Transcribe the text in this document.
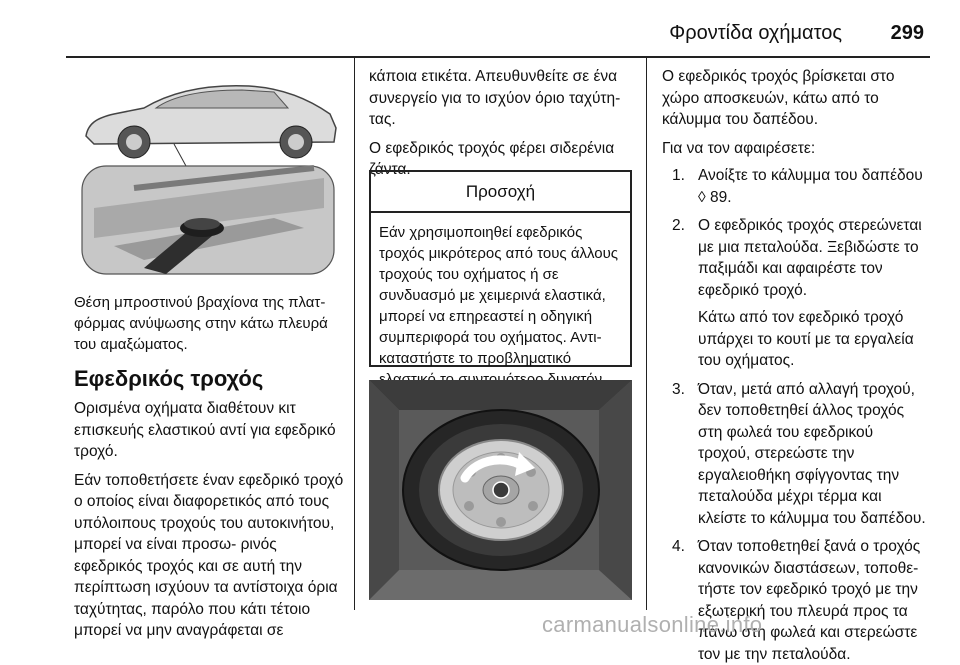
Φροντίδα οχήματος 299
Θέση μπροστινού βραχίονα της πλατ- φόρμας ανύψωσης στην κάτω πλευρά του αμαξώματος.
Εφεδρικός τροχός

Ορισμένα οχήματα διαθέτουν κιτ επισκευής ελαστικού αντί για εφεδρικό τροχό.

Εάν τοποθετήσετε έναν εφεδρικό τροχό ο οποίος είναι διαφορετικός από τους υπόλοιπους τροχούς του αυτοκινήτου, μπορεί να είναι προσω- ρινός εφεδρικός τροχός και σε αυτή την περίπτωση ισχύουν τα αντίστοιχα όρια ταχύτητας, παρόλο που κάτι τέτοιο μπορεί να μην αναγράφεται σε

κάποια ετικέτα. Απευθυνθείτε σε ένα συνεργείο για το ισχύον όριο ταχύτη- τας.

Ο εφεδρικός τροχός φέρει σιδερένια ζάντα.

Προσοχή
Εάν χρησιμοποιηθεί εφεδρικός τροχός μικρότερος από τους άλλους τροχούς του οχήματος ή σε συνδυασμό με χειμερινά ελαστικά, μπορεί να επηρεαστεί η οδηγική συμπεριφορά του οχήματος. Αντι- καταστήστε το προβληματικό

Ο εφεδρικός τροχός βρίσκεται στο χώρο αποσκευών, κάτω από το κάλυμμα του δαπέδου.

Για να τον αφαιρέσετε:

1. Ανοίξτε το κάλυμμα του δαπέδου ◊ 89.
2. Ο εφεδρικός τροχός στερεώνεται με μια πεταλούδα. Ξεβιδώστε το παξιμάδι και αφαιρέστε τον εφεδρικό τροχό.
Κάτω από τον εφεδρικό τροχό υπάρχει το κουτί με τα εργαλεία του οχήματος.
3. Όταν, μετά από αλλαγή τροχού, δεν τοποθετηθεί άλλος τροχός στη φωλεά του εφεδρικού τροχού, στερεώστε την εργαλειοθήκη σφίγγοντας την πεταλούδα μέχρι τέρμα και κλείστε το κάλυμμα του δαπέδου.
4. Όταν τοποθετηθεί ξανά ο τροχός κανονικών διαστάσεων, τοποθε- τήστε τον εφεδρικό τροχό με την εξωτερική του πλευρά προς τα πάνω στη φωλεά και στερεώστε τον με την πεταλούδα.
carmanualsonline.info
